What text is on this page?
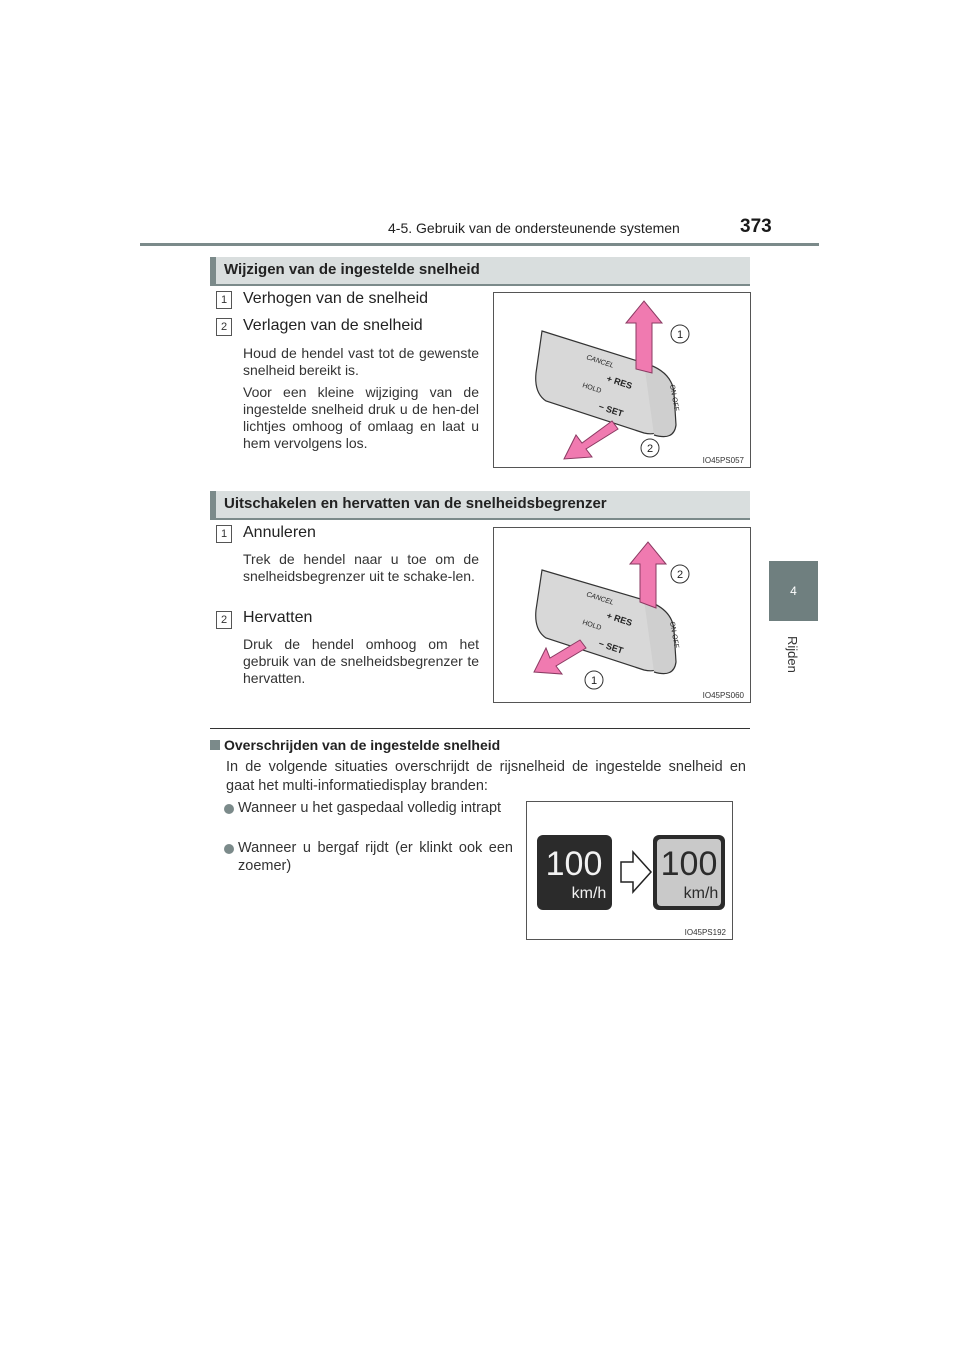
4-5. Gebruik van de ondersteunende systemen	373
4
Rijden
Wijzigen van de ingestelde snelheid
1 Verhogen van de snelheid
2 Verlagen van de snelheid
Houd de hendel vast tot de gewenste snelheid bereikt is.
Voor een kleine wijziging van de ingestelde snelheid druk u de hen-del lichtjes omhoog of omlaag en laat u hem vervolgens los.
CANCEL
+ RES
HOLD
− SET	ON-OFF
1
2
IO45PS057
Uitschakelen en hervatten van de snelheidsbegrenzer
1 Annuleren
Trek de hendel naar u toe om de snelheidsbegrenzer uit te schake-len.
2 Hervatten
Druk de hendel omhoog om het gebruik van de snelheidsbegrenzer te hervatten.
CANCEL
+ RES
HOLD
− SET	ON-OFF
2
1
IO45PS060
Overschrijden van de ingestelde snelheid
In de volgende situaties overschrijdt de rijsnelheid de ingestelde snelheid en gaat het multi-informatiedisplay branden:
Wanneer u het gaspedaal volledig intrapt
Wanneer u bergaf rijdt (er klinkt ook een zoemer)	100
km/h
100
km/h
IO45PS192
